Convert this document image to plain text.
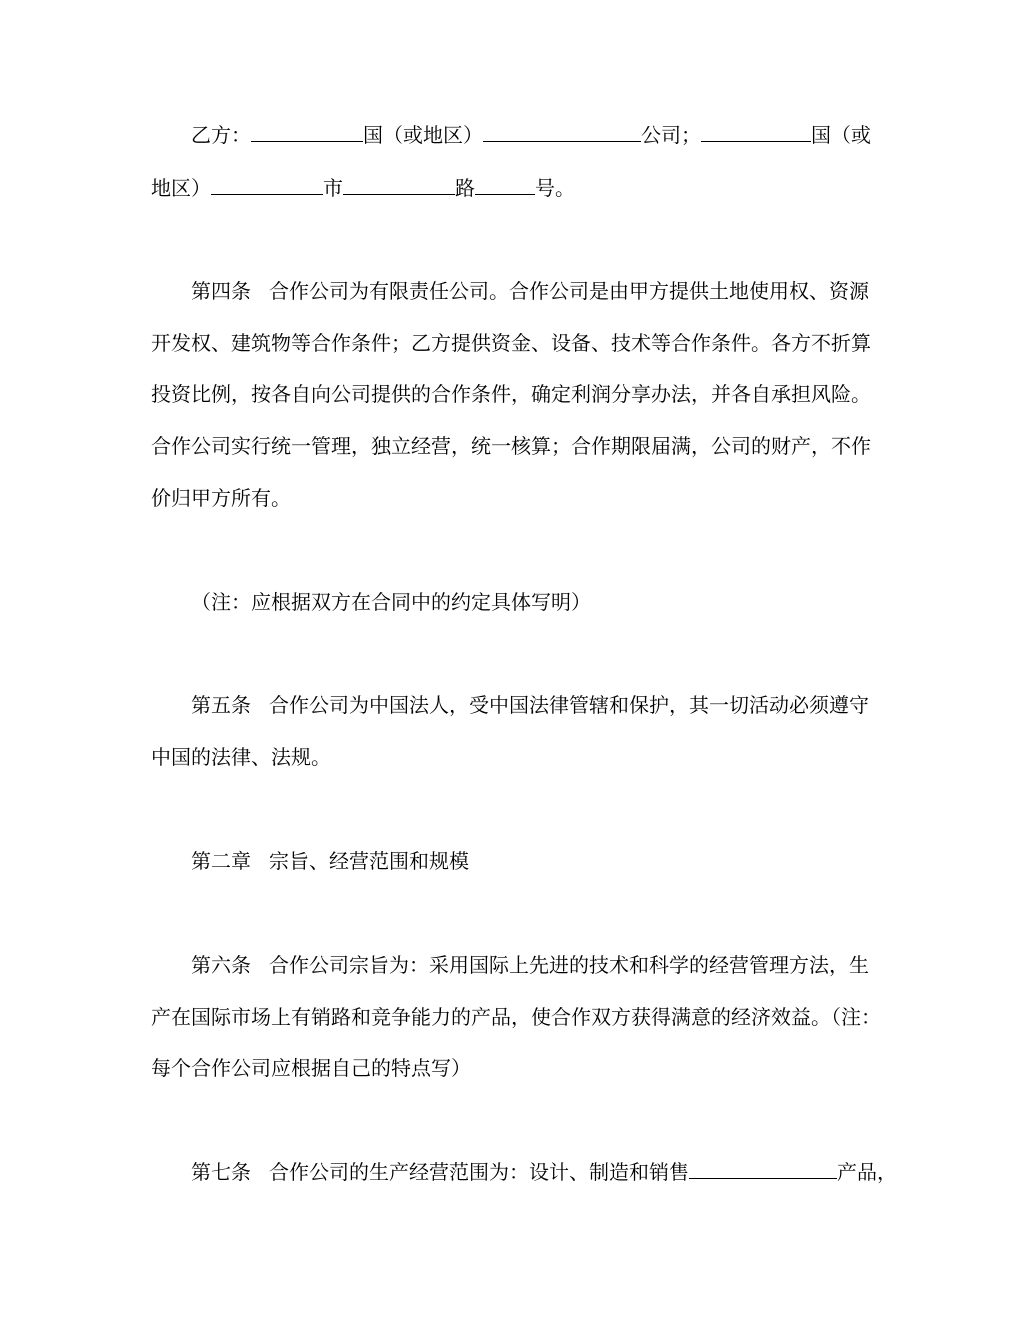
乙方：	国（或地区）	公司；	国（或
地区）	市	路	号。
第四条 合作公司为有限责任公司。合作公司是由甲方提供土地使用权、资源
开发权、建筑物等合作条件；乙方提供资金、设备、技术等合作条件。各方不折算
投资比例，按各自向公司提供的合作条件，确定利润分享办法，并各自承担风险。
合作公司实行统一管理，独立经营，统一核算；合作期限届满，公司的财产，不作
价归甲方所有。
（注：应根据双方在合同中的约定具体写明）
第五条 合作公司为中国法人，受中国法律管辖和保护，其一切活动必须遵守
中国的法律、法规。
第二章 宗旨、经营范围和规模
第六条 合作公司宗旨为：采用国际上先进的技术和科学的经营管理方法，生
产在国际市场上有销路和竞争能力的产品，使合作双方获得满意的经济效益。（注：
每个合作公司应根据自己的特点写）
第七条 合作公司的生产经营范围为：设计、制造和销售	产品，
